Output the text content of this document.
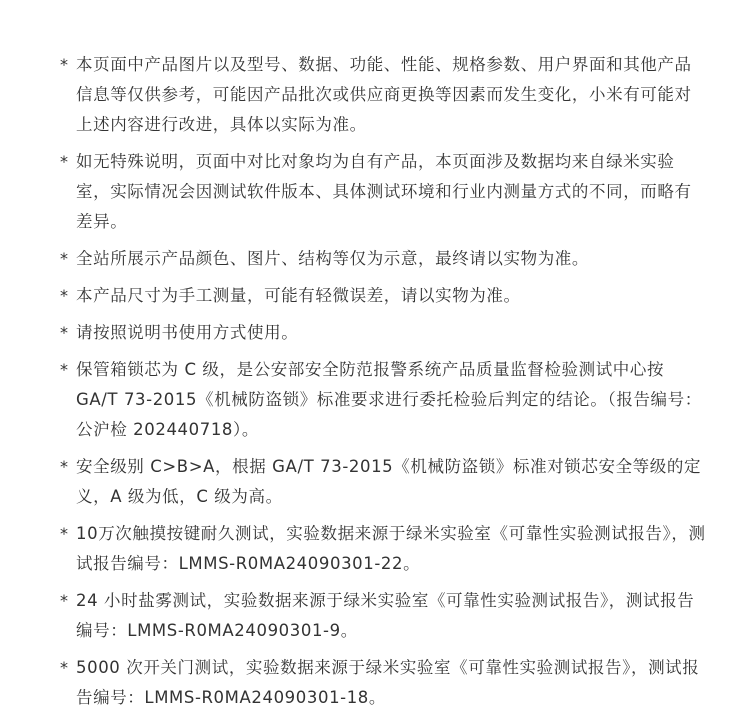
* 本页面中产品图片以及型号、数据、功能、性能、规格参数、用户界面和其他产品信息等仅供参考，可能因产品批次或供应商更换等因素而发生变化，小米有可能对上述内容进行改进，具体以实际为准。
* 如无特殊说明，页面中对比对象均为自有产品，本页面涉及数据均来自绿米实验室，实际情况会因测试软件版本、具体测试环境和行业内测量方式的不同，而略有差异。
* 全站所展示产品颜色、图片、结构等仅为示意，最终请以实物为准。
* 本产品尺寸为手工测量，可能有轻微误差，请以实物为准。
* 请按照说明书使用方式使用。
* 保管箱锁芯为 C 级，是公安部安全防范报警系统产品质量监督检验测试中心按 GA/T 73-2015《机械防盗锁》标准要求进行委托检验后判定的结论。（报告编号：公沪检 202440718）。
* 安全级别 C>B>A，根据 GA/T 73-2015《机械防盗锁》标准对锁芯安全等级的定义，A 级为低，C 级为高。
* 10万次触摸按键耐久测试，实验数据来源于绿米实验室《可靠性实验测试报告》，测试报告编号：LMMS-R0MA24090301-22。
* 24 小时盐雾测试，实验数据来源于绿米实验室《可靠性实验测试报告》，测试报告编号：LMMS-R0MA24090301-9。
* 5000 次开关门测试，实验数据来源于绿米实验室《可靠性实验测试报告》，测试报告编号：LMMS-R0MA24090301-18。
